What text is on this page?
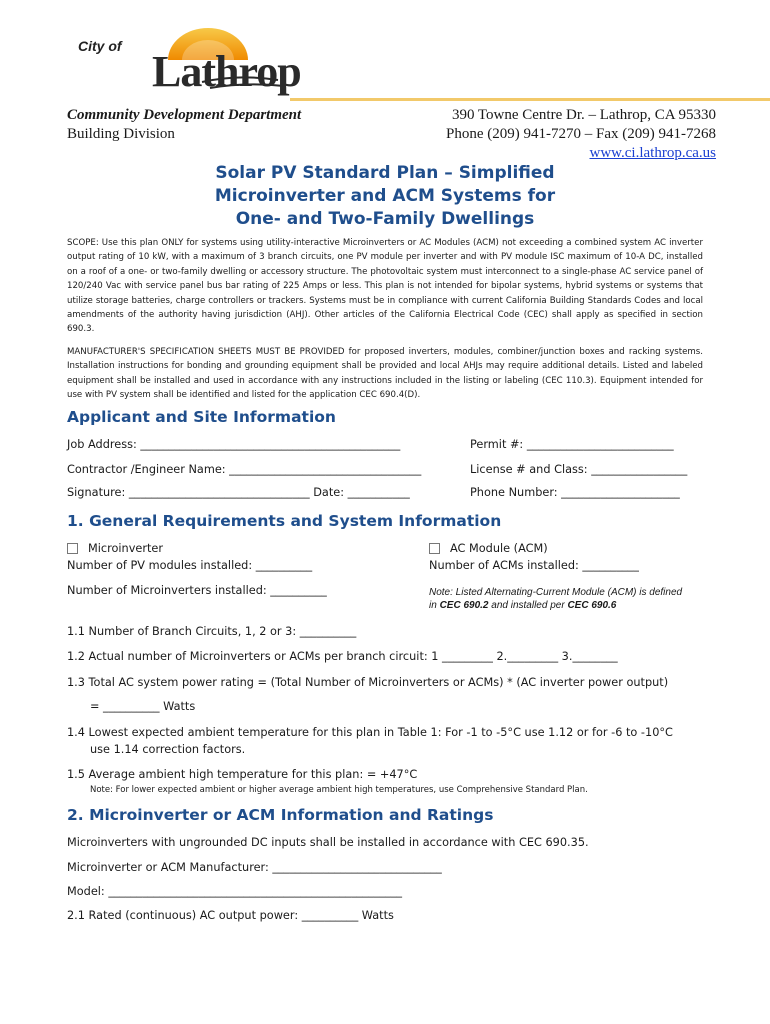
City of
Lathrop
Community Development Department
Building Division
390 Towne Centre Dr. – Lathrop, CA 95330
Phone (209) 941-7270 – Fax (209) 941-7268
www.ci.lathrop.ca.us
Solar PV Standard Plan – Simplified
Microinverter and ACM Systems for
One- and Two-Family Dwellings
SCOPE: Use this plan ONLY for systems using utility-interactive Microinverters or AC Modules (ACM) not exceeding a combined system AC inverter output rating of 10 kW, with a maximum of 3 branch circuits, one PV module per inverter and with PV module ISC maximum of 10-A DC, installed on a roof of a one- or two-family dwelling or accessory structure. The photovoltaic system must interconnect to a single-phase AC service panel of 120/240 Vac with service panel bus bar rating of 225 Amps or less. This plan is not intended for bipolar systems, hybrid systems or systems that utilize storage batteries, charge controllers or trackers. Systems must be in compliance with current California Building Standards Codes and local amendments of the authority having jurisdiction (AHJ). Other articles of the California Electrical Code (CEC) shall apply as specified in section 690.3.
MANUFACTURER'S SPECIFICATION SHEETS MUST BE PROVIDED for proposed inverters, modules, combiner/junction boxes and racking systems. Installation instructions for bonding and grounding equipment shall be provided and local AHJs may require additional details. Listed and labeled equipment shall be installed and used in accordance with any instructions included in the listing or labeling (CEC 110.3). Equipment intended for use with PV system shall be identified and listed for the application CEC 690.4(D).
Applicant and Site Information
Job Address: ______________________________________________	Permit #: __________________________
Contractor /Engineer Name: __________________________________	License # and Class: _________________
Signature: ________________________________ Date: ___________	Phone Number: _____________________
1. General Requirements and System Information
Microinverter
Number of PV modules installed: __________
Number of Microinverters installed: __________
AC Module (ACM)
Number of ACMs installed: __________
Note: Listed Alternating-Current Module (ACM) is defined
in CEC 690.2 and installed per CEC 690.6
1.1 Number of Branch Circuits, 1, 2 or 3: __________
1.2 Actual number of Microinverters or ACMs per branch circuit: 1 _________ 2._________ 3.________
1.3 Total AC system power rating = (Total Number of Microinverters or ACMs) * (AC inverter power output)
= __________ Watts
1.4 Lowest expected ambient temperature for this plan in Table 1: For -1 to -5°C use 1.12 or for -6 to -10°C
use 1.14 correction factors.
1.5 Average ambient high temperature for this plan: = +47°C
Note: For lower expected ambient or higher average ambient high temperatures, use Comprehensive Standard Plan.
2. Microinverter or ACM Information and Ratings
Microinverters with ungrounded DC inputs shall be installed in accordance with CEC 690.35.
Microinverter or ACM Manufacturer: ______________________________
Model: ____________________________________________________
2.1 Rated (continuous) AC output power: __________ Watts
